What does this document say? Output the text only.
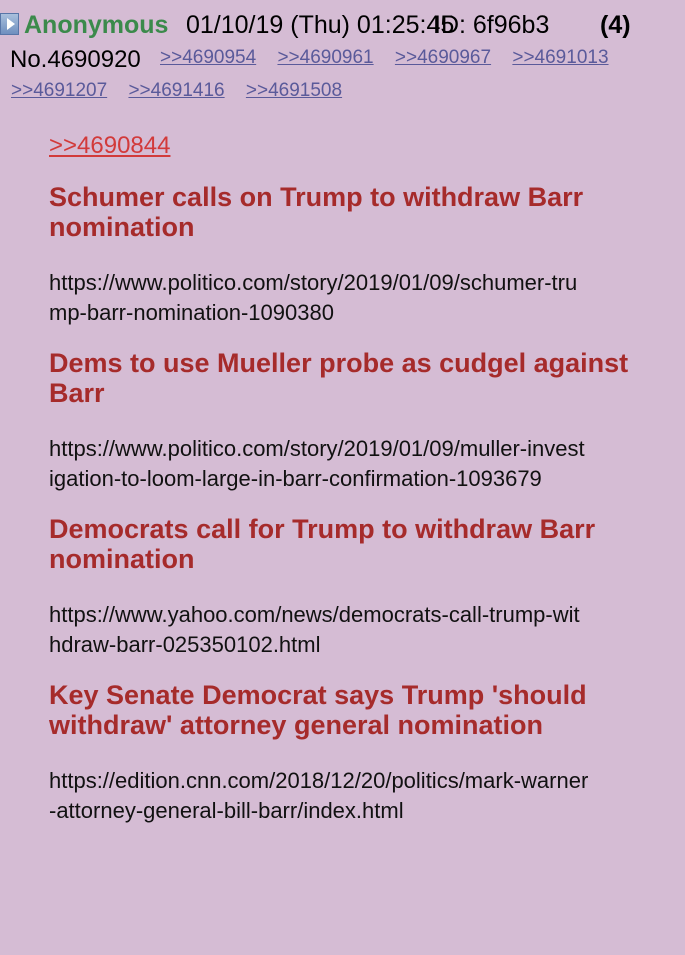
Anonymous 01/10/19 (Thu) 01:25:45
ID: 6f96b3 (4)
No.4690920 >>4690954 >>4690961 >>4690967 >>4691013
>>4691207 >>4691416 >>4691508
>>4690844
Schumer calls on Trump to withdraw Barr nomination
https://www.politico.com/story/2019/01/09/schumer-trump-barr-nomination-1090380
Dems to use Mueller probe as cudgel against Barr
https://www.politico.com/story/2019/01/09/muller-investigation-to-loom-large-in-barr-confirmation-1093679
Democrats call for Trump to withdraw Barr nomination
https://www.yahoo.com/news/democrats-call-trump-withdraw-barr-025350102.html
Key Senate Democrat says Trump 'should withdraw' attorney general nomination
https://edition.cnn.com/2018/12/20/politics/mark-warner-attorney-general-bill-barr/index.html
